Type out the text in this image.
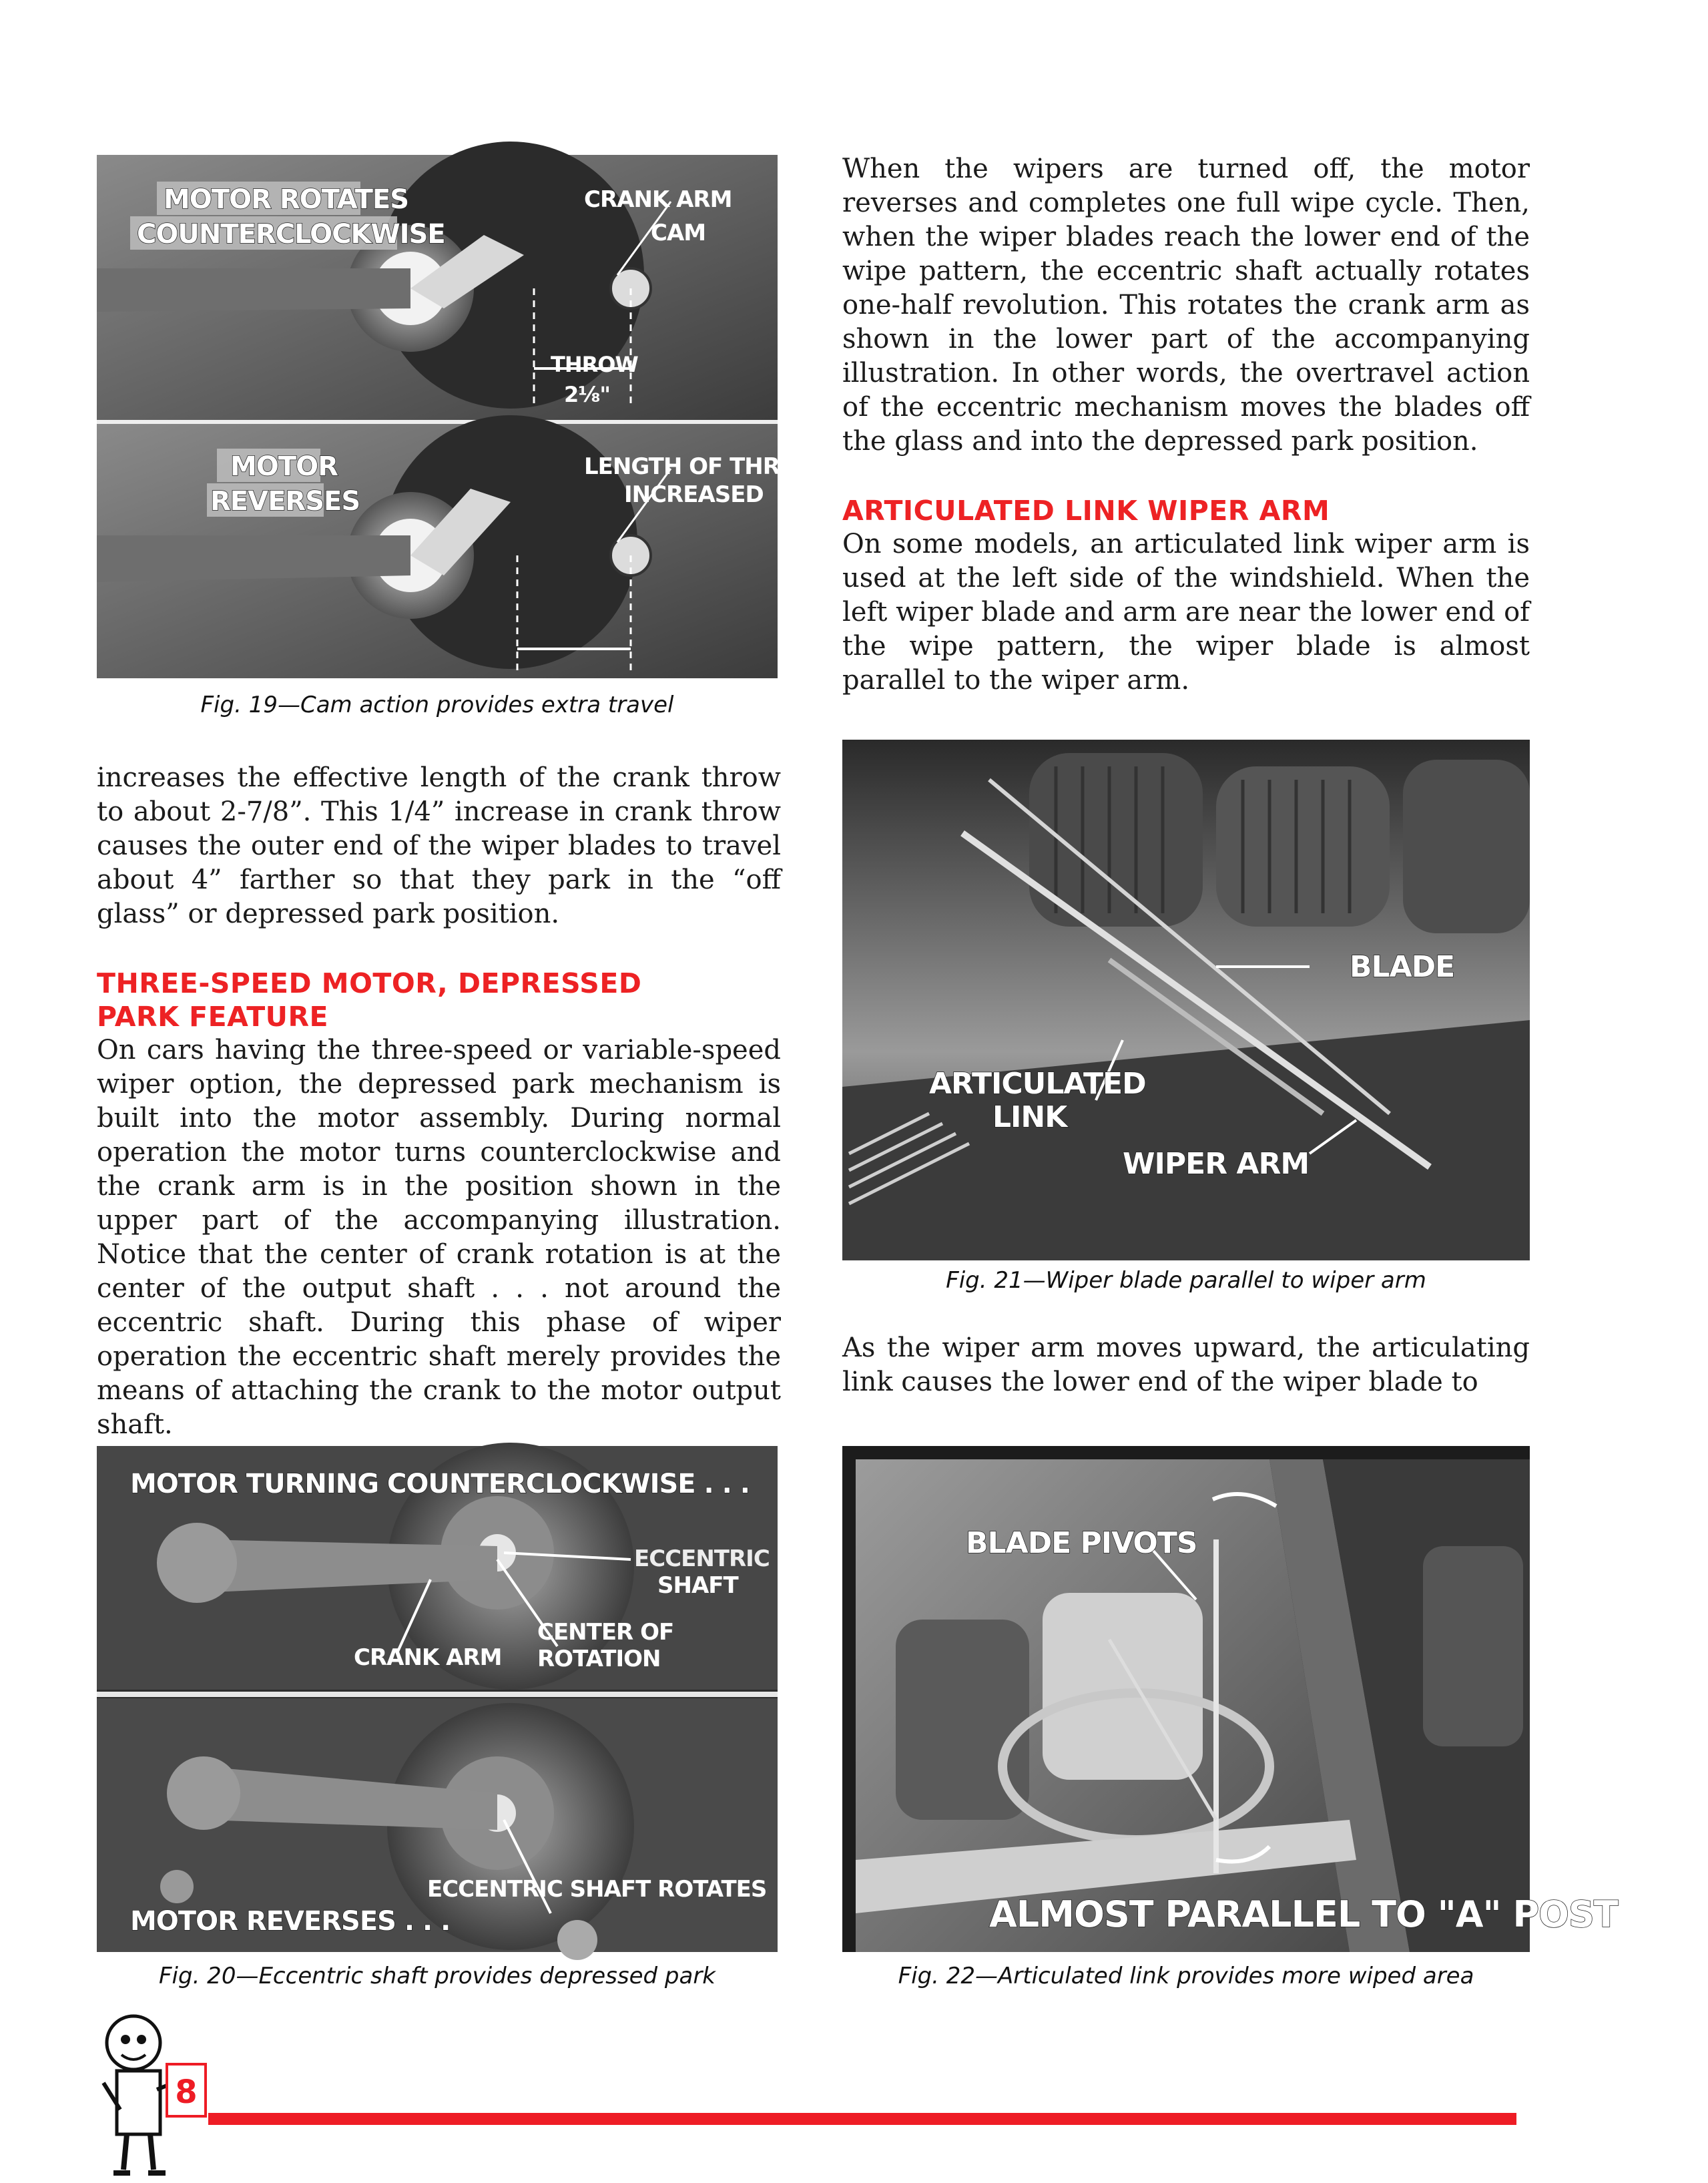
MOTOR ROTATES
COUNTERCLOCKWISE
CRANK ARM
CAM
THROW
2⅛"
MOTOR
REVERSES
LENGTH OF THROW
INCREASED

Fig. 19—Cam action provides extra travel

When the wipers are turned off, the motor reverses and completes one full wipe cycle. Then, when the wiper blades reach the lower end of the wipe pattern, the eccentric shaft actually rotates one-half revolution. This rotates the crank arm as shown in the lower part of the accompanying illustration. In other words, the overtravel action of the eccentric mechanism moves the blades off the glass and into the depressed park position.

ARTICULATED LINK WIPER ARM

On some models, an articulated link wiper arm is used at the left side of the windshield. When the left wiper blade and arm are near the lower end of the wipe pattern, the wiper blade is almost parallel to the wiper arm.

increases the effective length of the crank throw to about 2-7/8”. This 1/4” increase in crank throw causes the outer end of the wiper blades to travel about 4” farther so that they park in the “off glass” or depressed park position.

THREE-SPEED MOTOR, DEPRESSED
PARK FEATURE

On cars having the three-speed or variable-speed wiper option, the depressed park mechanism is built into the motor assembly. During normal operation the motor turns counterclockwise and the crank arm is in the position shown in the upper part of the accompanying illustration. Notice that the center of crank rotation is at the center of the output shaft . . . not around the eccentric shaft. During this phase of wiper operation the eccentric shaft merely provides the means of attaching the crank to the motor output shaft.

BLADE
ARTICULATED
LINK
WIPER ARM

Fig. 21—Wiper blade parallel to wiper arm

As the wiper arm moves upward, the articulating link causes the lower end of the wiper blade to

MOTOR TURNING COUNTERCLOCKWISE . . .
ECCENTRIC
SHAFT
CENTER OF
ROTATION
CRANK ARM
ECCENTRIC SHAFT ROTATES
MOTOR REVERSES . . .

Fig. 20—Eccentric shaft provides depressed park

BLADE PIVOTS
ALMOST PARALLEL TO "A" POST

Fig. 22—Articulated link provides more wiped area

8
